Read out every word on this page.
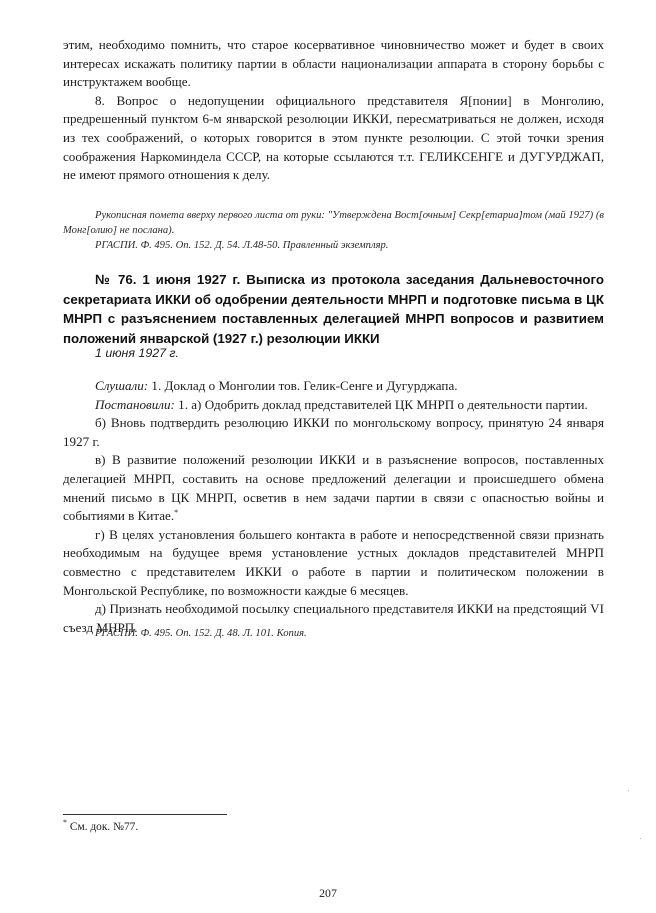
этим, необходимо помнить, что старое косервативное чиновничество может и будет в своих интересах искажать политику партии в области национализации аппарата в сторону борьбы с инструктажем вообще.

8. Вопрос о недопущении официального представителя Я[понии] в Монголию, предрешенный пунктом 6-м январской резолюции ИККИ, пересматриваться не должен, исходя из тех соображений, о которых говорится в этом пункте резолюции. С этой точки зрения соображения Наркоминдела СССР, на которые ссылаются т.т. ГЕЛИКСЕНГЕ и ДУГУРДЖАП, не имеют прямого отношения к делу.

Рукописная помета вверху первого листа от руки: "Утверждена Вост[очным] Секр[етариа]том (май 1927) (в Монг[олию] не послана).

РГАСПИ. Ф. 495. Оп. 152. Д. 54. Л.48-50. Правленный экземпляр.

№ 76. 1 июня 1927 г. Выписка из протокола заседания Дальневосточного секретариата ИККИ об одобрении деятельности МНРП и подготовке письма в ЦК МНРП с разъяснением поставленных делегацией МНРП вопросов и развитием положений январской (1927 г.) резолюции ИККИ

1 июня 1927 г.

Слушали: 1. Доклад о Монголии тов. Гелик-Сенге и Дугурджапа.

Постановили: 1. а) Одобрить доклад представителей ЦК МНРП о деятельности партии.

б) Вновь подтвердить резолюцию ИККИ по монгольскому вопросу, принятую 24 января 1927 г.

в) В развитие положений резолюции ИККИ и в разъяснение вопросов, поставленных делегацией МНРП, составить на основе предложений делегации и происшедшего обмена мнений письмо в ЦК МНРП, осветив в нем задачи партии в связи с опасностью войны и событиями в Китае.*

г) В целях установления большего контакта в работе и непосредственной связи признать необходимым на будущее время установление устных докладов представителей МНРП совместно с представителем ИККИ о работе в партии и политическом положении в Монгольской Республике, по возможности каждые 6 месяцев.

д) Признать необходимой посылку специального представителя ИККИ на предстоящий VI съезд МНРП.

РГАСПИ. Ф. 495. Оп. 152. Д. 48. Л. 101. Копия.

* См. док. №77.

207
